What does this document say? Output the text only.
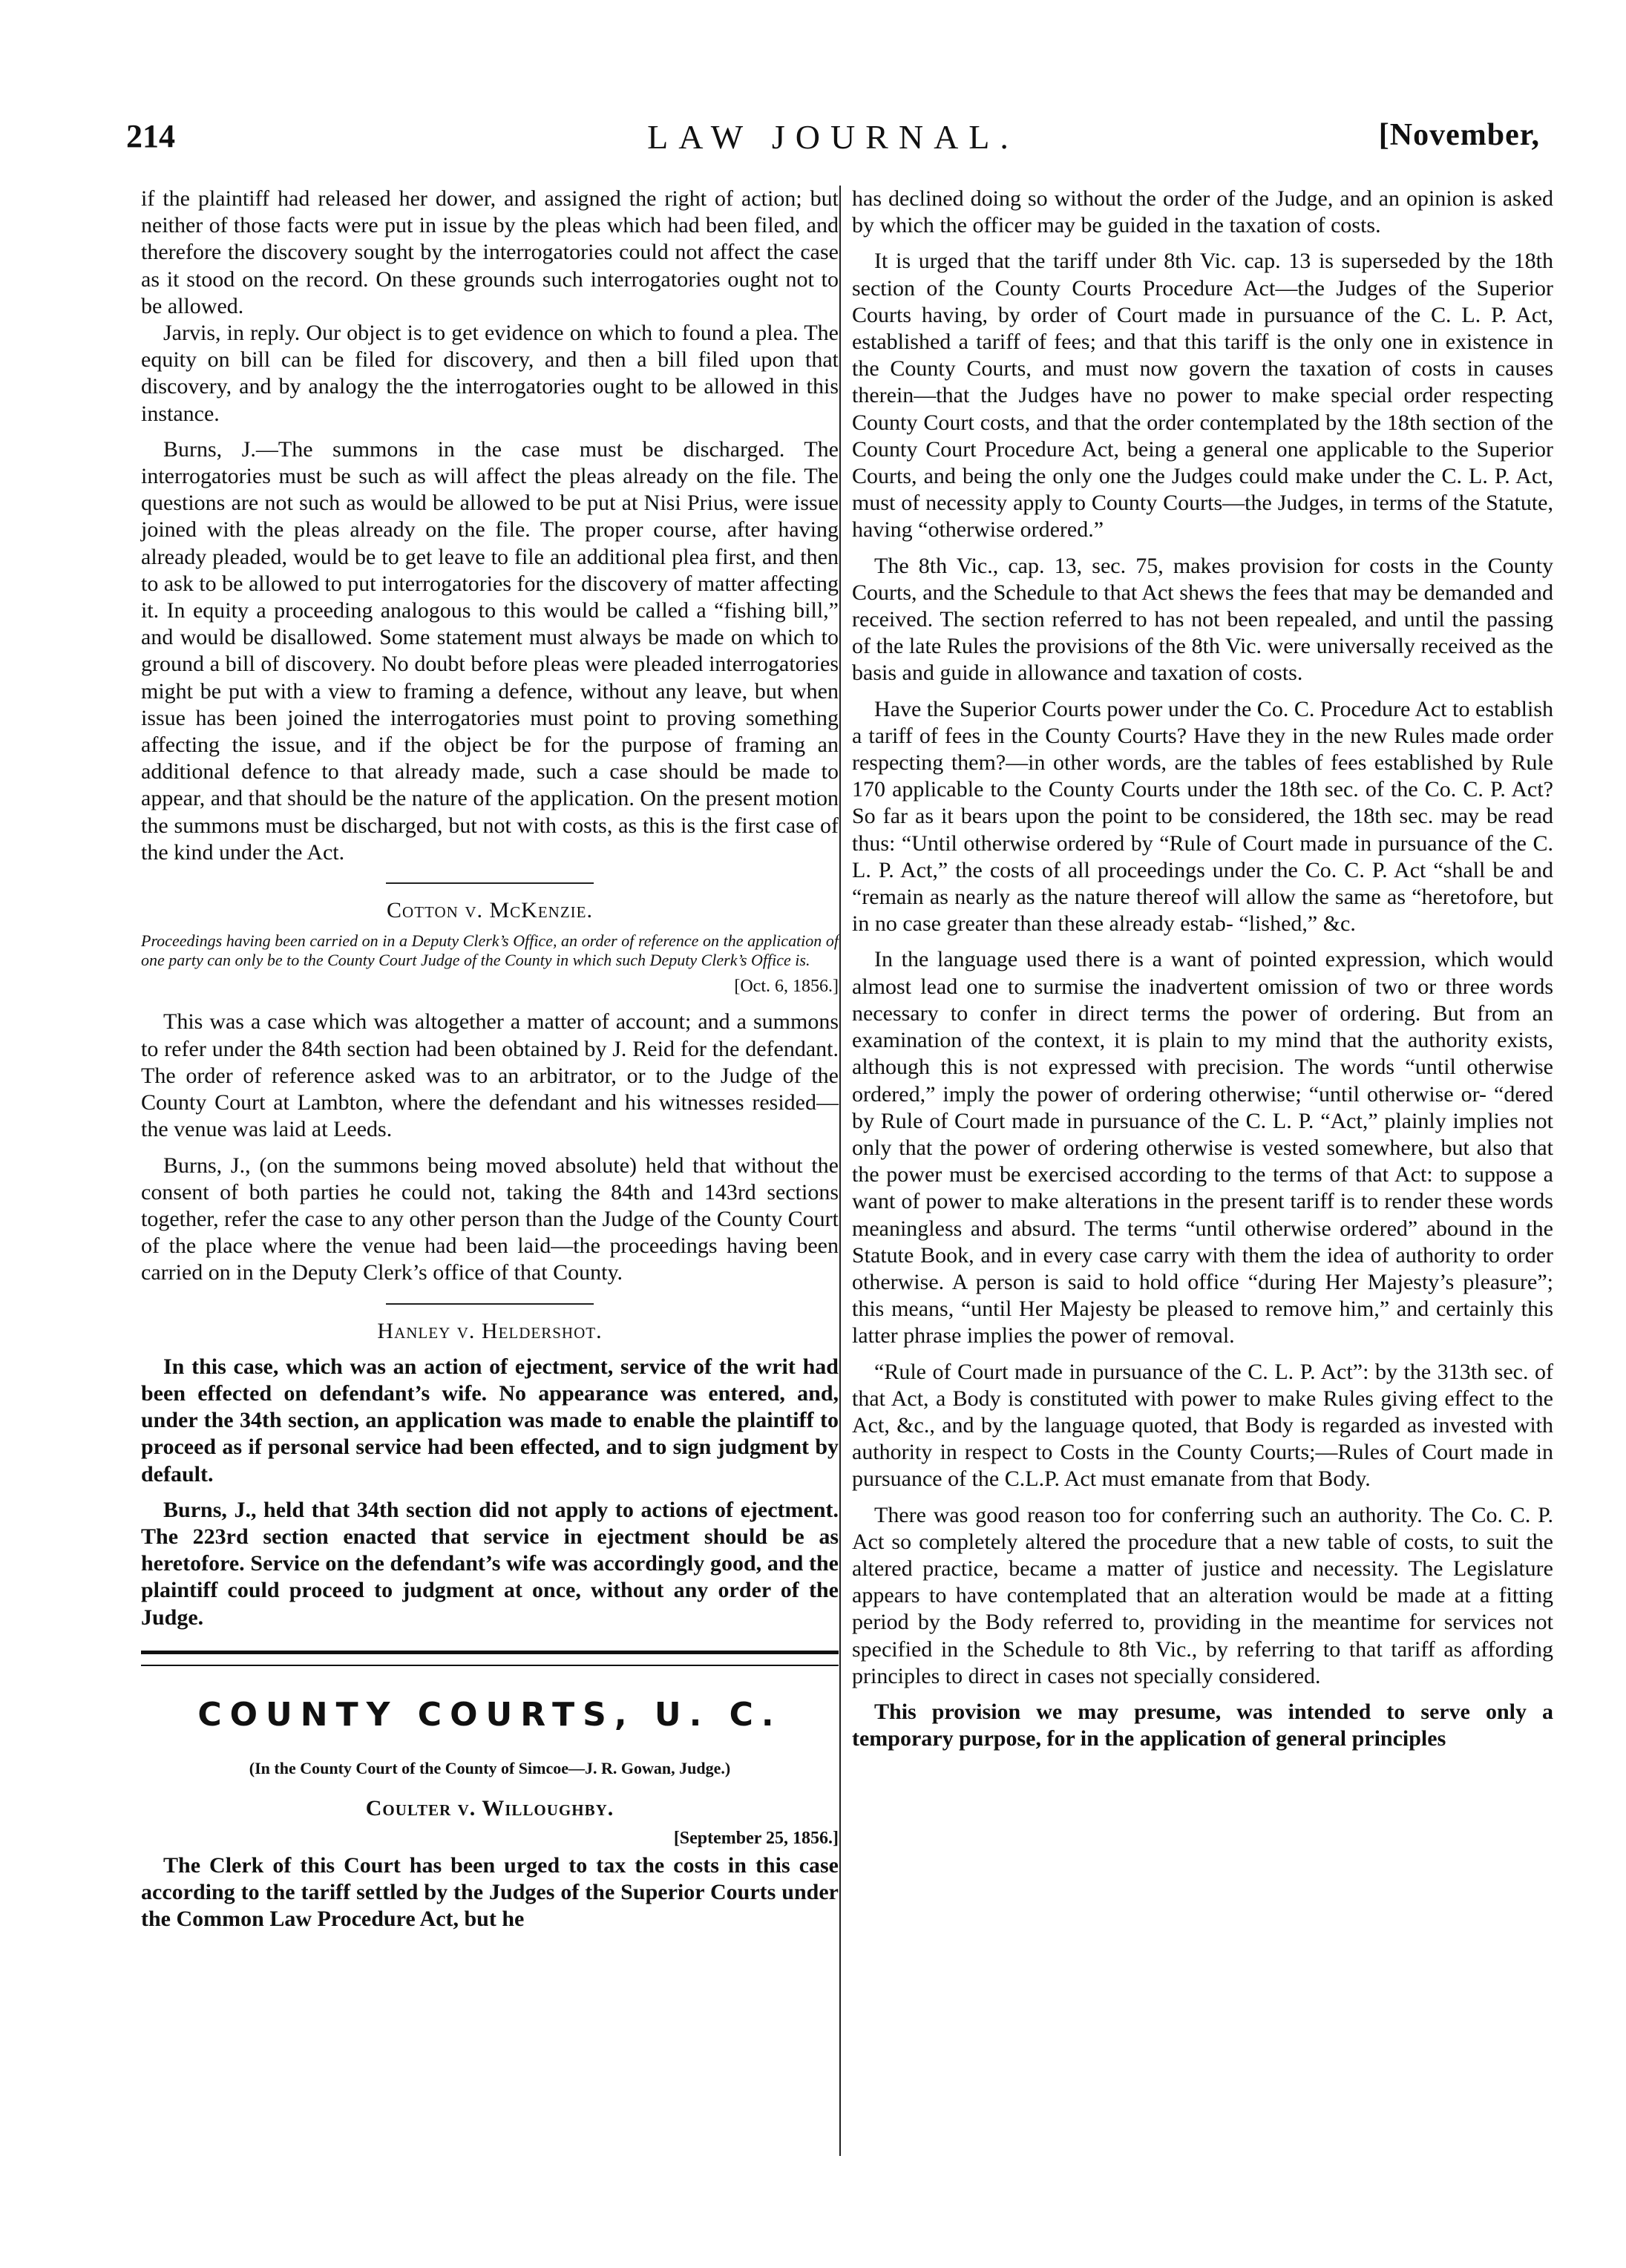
LAW JOURNAL.
214	[November,

if the plaintiff had released her dower, and assigned the right of action; but neither of those facts were put in issue by the pleas which had been filed, and therefore the discovery sought by the interrogatories could not affect the case as it stood on the record. On these grounds such interrogatories ought not to be allowed.

Jarvis, in reply. Our object is to get evidence on which to found a plea. The equity on bill can be filed for discovery, and then a bill filed upon that discovery, and by analogy the the interrogatories ought to be allowed in this instance.

Burns, J.—The summons in the case must be discharged. The interrogatories must be such as will affect the pleas already on the file. The questions are not such as would be allowed to be put at Nisi Prius, were issue joined with the pleas already on the file. The proper course, after having already pleaded, would be to get leave to file an additional plea first, and then to ask to be allowed to put interrogatories for the discovery of matter affecting it. In equity a proceeding analogous to this would be called a “fishing bill,” and would be disallowed. Some statement must always be made on which to ground a bill of discovery. No doubt before pleas were pleaded interrogatories might be put with a view to framing a defence, without any leave, but when issue has been joined the interrogatories must point to proving something affecting the issue, and if the object be for the purpose of framing an additional defence to that already made, such a case should be made to appear, and that should be the nature of the application. On the present motion the summons must be discharged, but not with costs, as this is the first case of the kind under the Act.

Cotton v. McKenzie.

Proceedings having been carried on in a Deputy Clerk’s Office, an order of reference on the application of one party can only be to the County Court Judge of the County in which such Deputy Clerk’s Office is.

[Oct. 6, 1856.]

This was a case which was altogether a matter of account; and a summons to refer under the 84th section had been obtained by J. Reid for the defendant. The order of reference asked was to an arbitrator, or to the Judge of the County Court at Lambton, where the defendant and his witnesses resided—the venue was laid at Leeds.

Burns, J., (on the summons being moved absolute) held that without the consent of both parties he could not, taking the 84th and 143rd sections together, refer the case to any other person than the Judge of the County Court of the place where the venue had been laid—the proceedings having been carried on in the Deputy Clerk’s office of that County.

Hanley v. Heldershot.

In this case, which was an action of ejectment, service of the writ had been effected on defendant’s wife. No appearance was entered, and, under the 34th section, an application was made to enable the plaintiff to proceed as if personal service had been effected, and to sign judgment by default.

Burns, J., held that 34th section did not apply to actions of ejectment. The 223rd section enacted that service in ejectment should be as heretofore. Service on the defendant’s wife was accordingly good, and the plaintiff could proceed to judgment at once, without any order of the Judge.

COUNTY COURTS, U. C.
(In the County Court of the County of Simcoe—J. R. Gowan, Judge.)
Coulter v. Willoughby.
[September 25, 1856.]

The Clerk of this Court has been urged to tax the costs in this case according to the tariff settled by the Judges of the Superior Courts under the Common Law Procedure Act, but he

has declined doing so without the order of the Judge, and an opinion is asked by which the officer may be guided in the taxation of costs.

It is urged that the tariff under 8th Vic. cap. 13 is superseded by the 18th section of the County Courts Procedure Act—the Judges of the Superior Courts having, by order of Court made in pursuance of the C. L. P. Act, established a tariff of fees; and that this tariff is the only one in existence in the County Courts, and must now govern the taxation of costs in causes therein—that the Judges have no power to make special order respecting County Court costs, and that the order contemplated by the 18th section of the County Court Procedure Act, being a general one applicable to the Superior Courts, and being the only one the Judges could make under the C. L. P. Act, must of necessity apply to County Courts—the Judges, in terms of the Statute, having “otherwise ordered.”

The 8th Vic., cap. 13, sec. 75, makes provision for costs in the County Courts, and the Schedule to that Act shews the fees that may be demanded and received. The section referred to has not been repealed, and until the passing of the late Rules the provisions of the 8th Vic. were universally received as the basis and guide in allowance and taxation of costs.

Have the Superior Courts power under the Co. C. Procedure Act to establish a tariff of fees in the County Courts? Have they in the new Rules made order respecting them?—in other words, are the tables of fees established by Rule 170 applicable to the County Courts under the 18th sec. of the Co. C. P. Act? So far as it bears upon the point to be considered, the 18th sec. may be read thus: “Until otherwise ordered by “Rule of Court made in pursuance of the C. L. P. Act,” the costs of all proceedings under the Co. C. P. Act “shall be and “remain as nearly as the nature thereof will allow the same as “heretofore, but in no case greater than these already estab- “lished,” &c.

In the language used there is a want of pointed expression, which would almost lead one to surmise the inadvertent omission of two or three words necessary to confer in direct terms the power of ordering. But from an examination of the context, it is plain to my mind that the authority exists, although this is not expressed with precision. The words “until otherwise ordered,” imply the power of ordering otherwise; “until otherwise or- “dered by Rule of Court made in pursuance of the C. L. P. “Act,” plainly implies not only that the power of ordering otherwise is vested somewhere, but also that the power must be exercised according to the terms of that Act: to suppose a want of power to make alterations in the present tariff is to render these words meaningless and absurd. The terms “until otherwise ordered” abound in the Statute Book, and in every case carry with them the idea of authority to order otherwise. A person is said to hold office “during Her Majesty’s pleasure”; this means, “until Her Majesty be pleased to remove him,” and certainly this latter phrase implies the power of removal.

“Rule of Court made in pursuance of the C. L. P. Act”: by the 313th sec. of that Act, a Body is constituted with power to make Rules giving effect to the Act, &c., and by the language quoted, that Body is regarded as invested with authority in respect to Costs in the County Courts;—Rules of Court made in pursuance of the C.L.P. Act must emanate from that Body.

There was good reason too for conferring such an authority. The Co. C. P. Act so completely altered the procedure that a new table of costs, to suit the altered practice, became a matter of justice and necessity. The Legislature appears to have contemplated that an alteration would be made at a fitting period by the Body referred to, providing in the meantime for services not specified in the Schedule to 8th Vic., by referring to that tariff as affording principles to direct in cases not specially considered.

This provision we may presume, was intended to serve only a temporary purpose, for in the application of general principles
